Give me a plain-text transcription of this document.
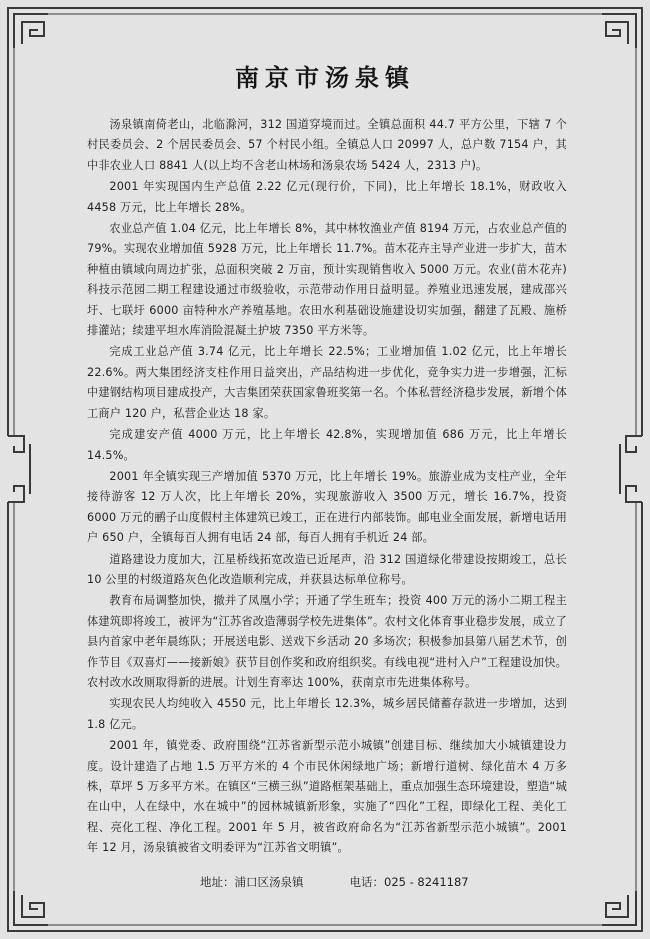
南京市汤泉镇

汤泉镇南倚老山，北临滁河，312 国道穿境而过。全镇总面积 44.7 平方公里，下辖 7 个村民委员会、2 个居民委员会、57 个村民小组。全镇总人口 20997 人，总户数 7154 户，其中非农业人口 8841 人(以上均不含老山林场和汤泉农场 5424 人，2313 户)。

2001 年实现国内生产总值 2.22 亿元(现行价，下同)，比上年增长 18.1%，财政收入 4458 万元，比上年增长 28%。

农业总产值 1.04 亿元，比上年增长 8%，其中林牧渔业产值 8194 万元，占农业总产值的 79%。实现农业增加值 5928 万元，比上年增长 11.7%。苗木花卉主导产业进一步扩大，苗木种植由镇域向周边扩张，总面积突破 2 万亩，预计实现销售收入 5000 万元。农业(苗木花卉)科技示范园二期工程建设通过市级验收，示范带动作用日益明显。养殖业迅速发展，建成邵兴圩、七联圩 6000 亩特种水产养殖基地。农田水利基础设施建设切实加强，翻建了瓦殿、施桥排灌站；续建平坦水库消险混凝土护坡 7350 平方米等。

完成工业总产值 3.74 亿元，比上年增长 22.5%；工业增加值 1.02 亿元，比上年增长 22.6%。两大集团经济支柱作用日益突出，产品结构进一步优化，竞争实力进一步增强，汇标中建钢结构项目建成投产，大吉集团荣获国家鲁班奖第一名。个体私营经济稳步发展，新增个体工商户 120 户，私营企业达 18 家。

完成建安产值 4000 万元，比上年增长 42.8%，实现增加值 686 万元，比上年增长 14.5%。

2001 年全镇实现三产增加值 5370 万元，比上年增长 19%。旅游业成为支柱产业，全年接待游客 12 万人次，比上年增长 20%，实现旅游收入 3500 万元，增长 16.7%，投资 6000 万元的鹂子山度假村主体建筑已竣工，正在进行内部装饰。邮电业全面发展，新增电话用户 650 户，全镇每百人拥有电话 24 部，每百人拥有手机近 24 部。

道路建设力度加大，江星桥线拓宽改造已近尾声，沿 312 国道绿化带建设按期竣工，总长 10 公里的村级道路灰色化改造顺利完成，并获县达标单位称号。

教育布局调整加快，撤并了凤凰小学；开通了学生班车；投资 400 万元的汤小二期工程主体建筑即将竣工，被评为“江苏省改造薄弱学校先进集体”。农村文化体育事业稳步发展，成立了县内首家中老年晨练队；开展送电影、送戏下乡活动 20 多场次；积极参加县第八届艺术节，创作节目《双喜灯——接新娘》获节目创作奖和政府组织奖。有线电视“进村入户”工程建设加快。农村改水改厕取得新的进展。计划生育率达 100%，获南京市先进集体称号。

实现农民人均纯收入 4550 元，比上年增长 12.3%，城乡居民储蓄存款进一步增加，达到 1.8 亿元。

2001 年，镇党委、政府围绕“江苏省新型示范小城镇”创建目标、继续加大小城镇建设力度。设计建造了占地 1.5 万平方米的 4 个市民休闲绿地广场；新增行道树、绿化苗木 4 万多株，草坪 5 万多平方米。在镇区“三横三纵”道路框架基础上，重点加强生态环境建设，塑造“城在山中，人在绿中，水在城中”的园林城镇新形象，实施了“四化”工程，即绿化工程、美化工程、亮化工程、净化工程。2001 年 5 月，被省政府命名为“江苏省新型示范小城镇”。2001 年 12 月，汤泉镇被省文明委评为“江苏省文明镇”。

地址：浦口区汤泉镇	电话：025 - 8241187
